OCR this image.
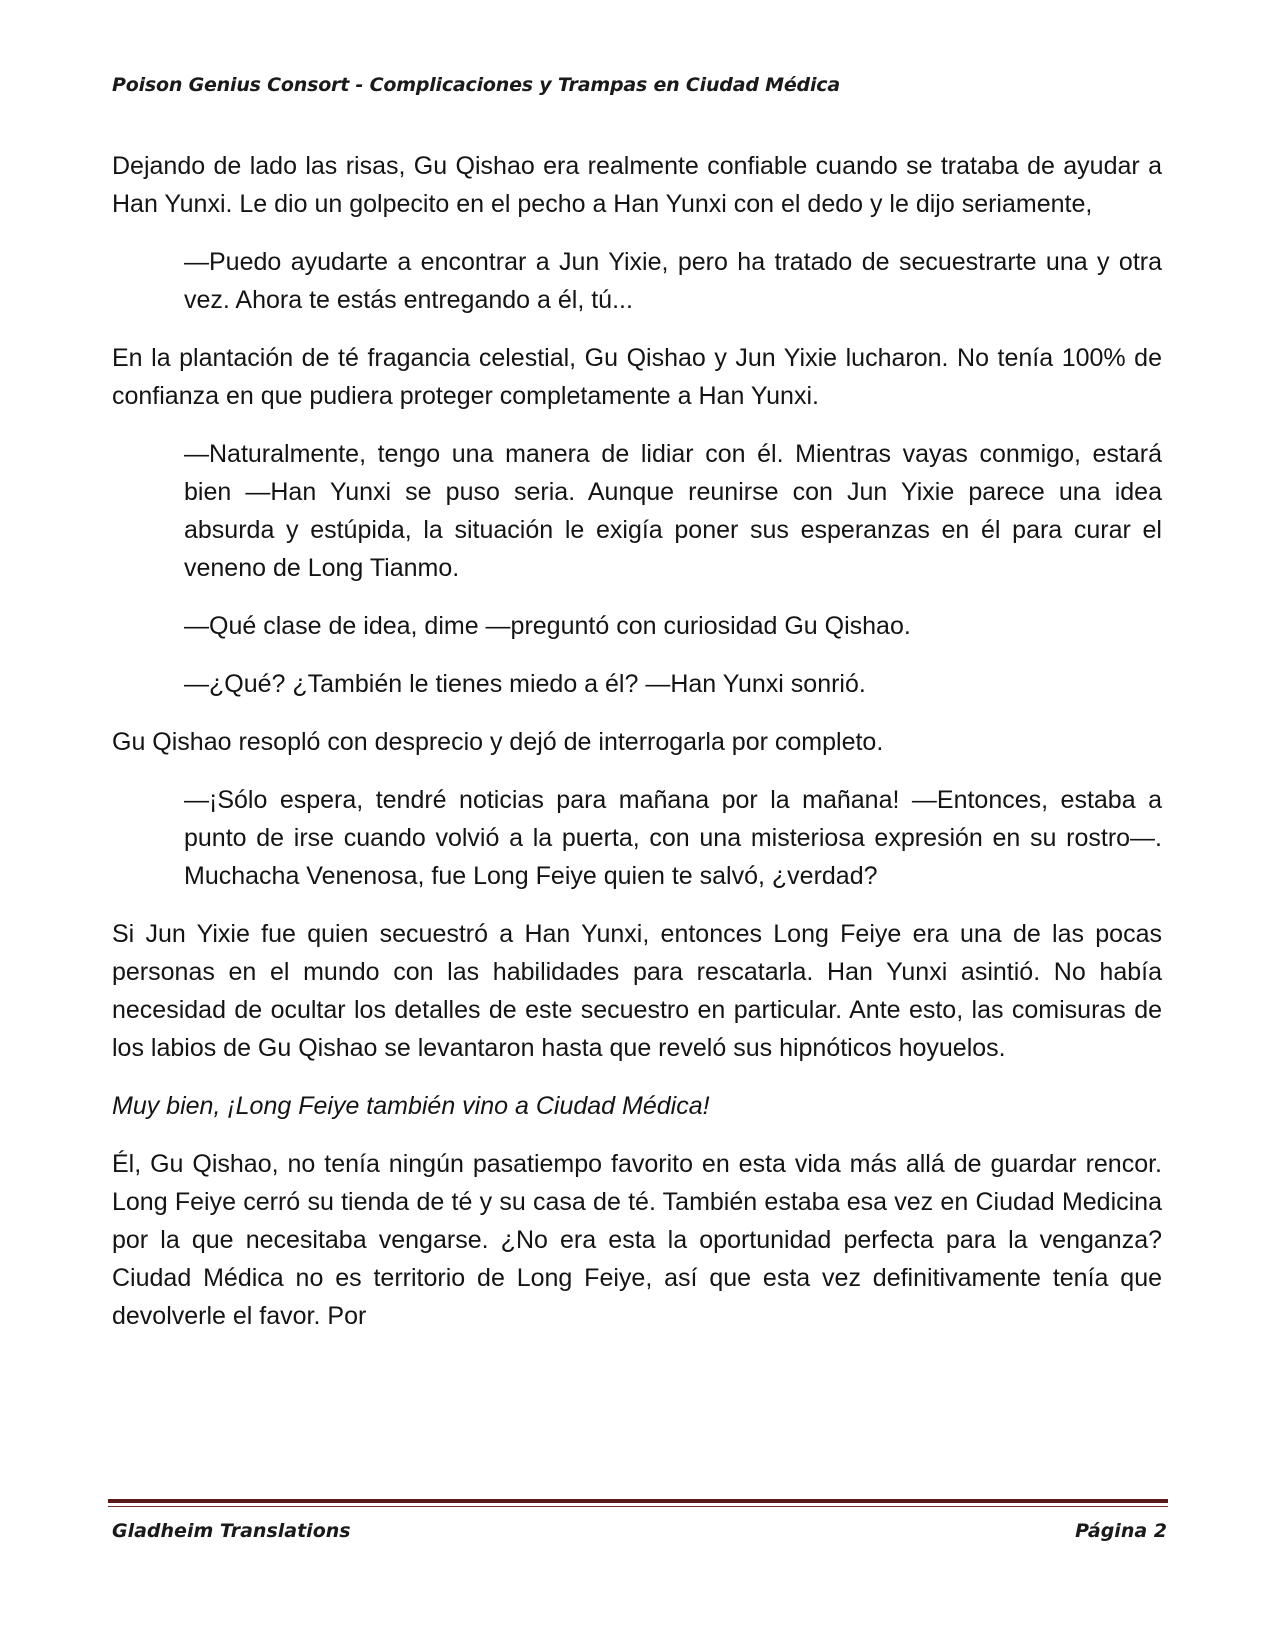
Poison Genius Consort - Complicaciones y Trampas en Ciudad Médica

Dejando de lado las risas, Gu Qishao era realmente confiable cuando se trataba de ayudar a Han Yunxi. Le dio un golpecito en el pecho a Han Yunxi con el dedo y le dijo seriamente,

—Puedo ayudarte a encontrar a Jun Yixie, pero ha tratado de secuestrarte una y otra vez. Ahora te estás entregando a él, tú...

En la plantación de té fragancia celestial, Gu Qishao y Jun Yixie lucharon. No tenía 100% de confianza en que pudiera proteger completamente a Han Yunxi.

—Naturalmente, tengo una manera de lidiar con él. Mientras vayas conmigo, estará bien —Han Yunxi se puso seria. Aunque reunirse con Jun Yixie parece una idea absurda y estúpida, la situación le exigía poner sus esperanzas en él para curar el veneno de Long Tianmo.

—Qué clase de idea, dime —preguntó con curiosidad Gu Qishao.

—¿Qué? ¿También le tienes miedo a él? —Han Yunxi sonrió.

Gu Qishao resopló con desprecio y dejó de interrogarla por completo.

—¡Sólo espera, tendré noticias para mañana por la mañana! —Entonces, estaba a punto de irse cuando volvió a la puerta, con una misteriosa expresión en su rostro—. Muchacha Venenosa, fue Long Feiye quien te salvó, ¿verdad?

Si Jun Yixie fue quien secuestró a Han Yunxi, entonces Long Feiye era una de las pocas personas en el mundo con las habilidades para rescatarla. Han Yunxi asintió. No había necesidad de ocultar los detalles de este secuestro en particular. Ante esto, las comisuras de los labios de Gu Qishao se levantaron hasta que reveló sus hipnóticos hoyuelos.

Muy bien, ¡Long Feiye también vino a Ciudad Médica!

Él, Gu Qishao, no tenía ningún pasatiempo favorito en esta vida más allá de guardar rencor. Long Feiye cerró su tienda de té y su casa de té. También estaba esa vez en Ciudad Medicina por la que necesitaba vengarse. ¿No era esta la oportunidad perfecta para la venganza? Ciudad Médica no es territorio de Long Feiye, así que esta vez definitivamente tenía que devolverle el favor. Por

Gladheim Translations	Página 2
